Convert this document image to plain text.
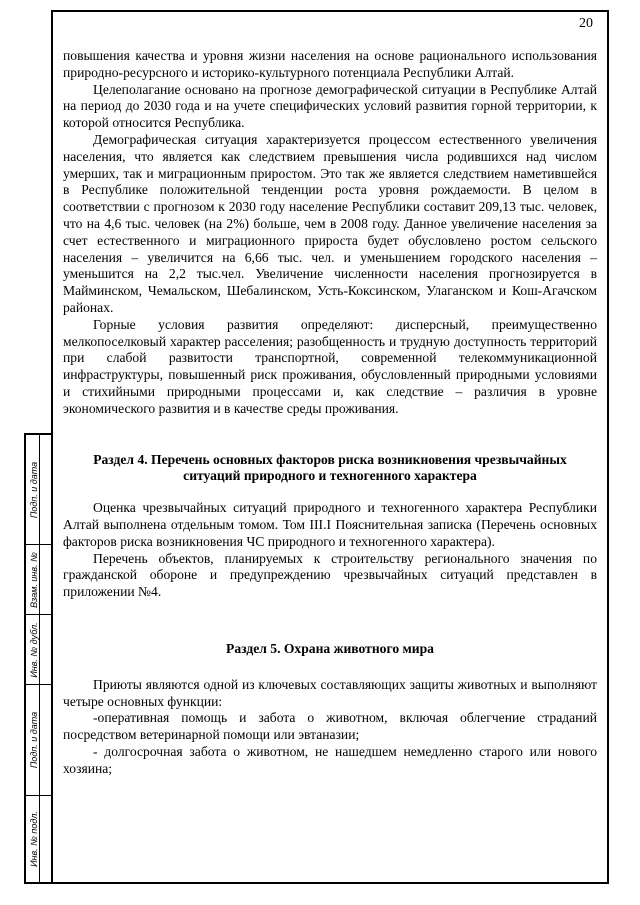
20

повышения качества и уровня жизни населения на основе рационального использования природно-ресурсного и историко-культурного потенциала Республики Алтай.

Целеполагание основано на прогнозе демографической ситуации в Республике Алтай на период до 2030 года и на учете специфических условий развития горной территории, к которой относится Республика.

Демографическая ситуация характеризуется процессом естественного увеличения населения, что является как следствием превышения числа родившихся над числом умерших, так и миграционным приростом. Это так же является следствием наметившейся в Республике положительной тенденции роста уровня рождаемости. В целом в соответствии с прогнозом к 2030 году население Республики составит 209,13 тыс. человек, что на 4,6 тыс. человек (на 2%) больше, чем в 2008 году. Данное увеличение населения за счет естественного и миграционного прироста будет обусловлено ростом сельского населения – увеличится на 6,66 тыс. чел. и уменьшением городского населения – уменьшится на 2,2 тыс.чел. Увеличение численности населения прогнозируется в Майминском, Чемальском, Шебалинском, Усть-Коксинском, Улаганском и Кош-Агачском районах.

Горные условия развития определяют: дисперсный, преимущественно мелкопоселковый характер расселения; разобщенность и трудную доступность территорий при слабой развитости транспортной, современной телекоммуникационной инфраструктуры, повышенный риск проживания, обусловленный природными условиями и стихийными природными процессами и, как следствие – различия в уровне экономического развития и в качестве среды проживания.

Раздел 4. Перечень основных факторов риска возникновения чрезвычайных ситуаций природного и техногенного характера

Оценка чрезвычайных ситуаций природного и техногенного характера Республики Алтай выполнена отдельным томом. Том III.I Пояснительная записка (Перечень основных факторов риска возникновения ЧС природного и техногенного характера).

Перечень объектов, планируемых к строительству регионального значения по гражданской обороне и предупреждению чрезвычайных ситуаций представлен в приложении №4.

Раздел 5. Охрана животного мира

Приюты являются одной из ключевых составляющих защиты животных и выполняют четыре основных функции:

-оперативная помощь и забота о животном, включая облегчение страданий посредством ветеринарной помощи или эвтаназии;

- долгосрочная забота о животном, не нашедшем немедленно старого или нового хозяина;

Подп. и дата
Взам. инв. №
Инв. № дубл.
Подп. и дата
Инв. № подл.
